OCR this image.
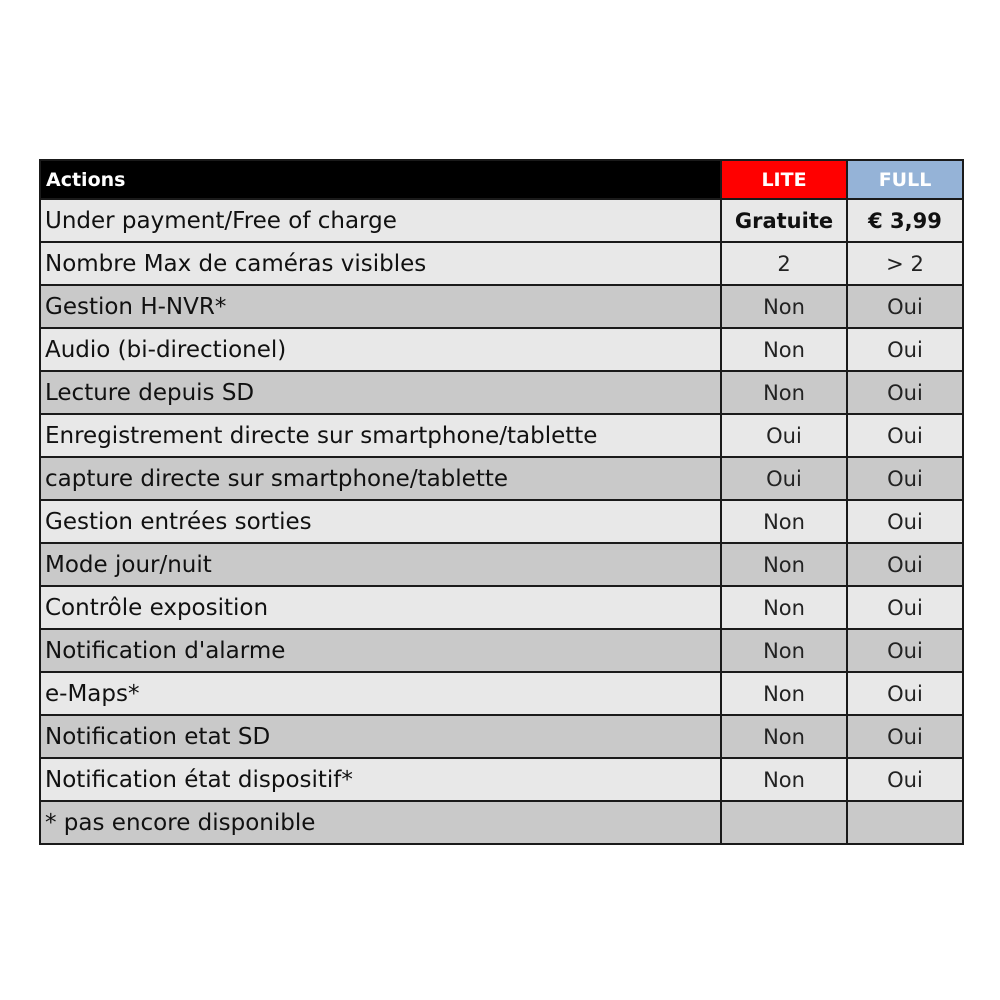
Actions	LITE	FULL
Under payment/Free of charge	Gratuite	€ 3,99
Nombre Max de caméras visibles	2	> 2
Gestion H-NVR*	Non	Oui
Audio (bi-directionel)	Non	Oui
Lecture depuis SD	Non	Oui
Enregistrement directe sur smartphone/tablette	Oui	Oui
capture directe sur smartphone/tablette	Oui	Oui
Gestion entrées sorties	Non	Oui
Mode jour/nuit	Non	Oui
Contrôle exposition	Non	Oui
Notification d'alarme	Non	Oui
e-Maps*	Non	Oui
Notification etat SD	Non	Oui
Notification état dispositif*	Non	Oui
* pas encore disponible		
